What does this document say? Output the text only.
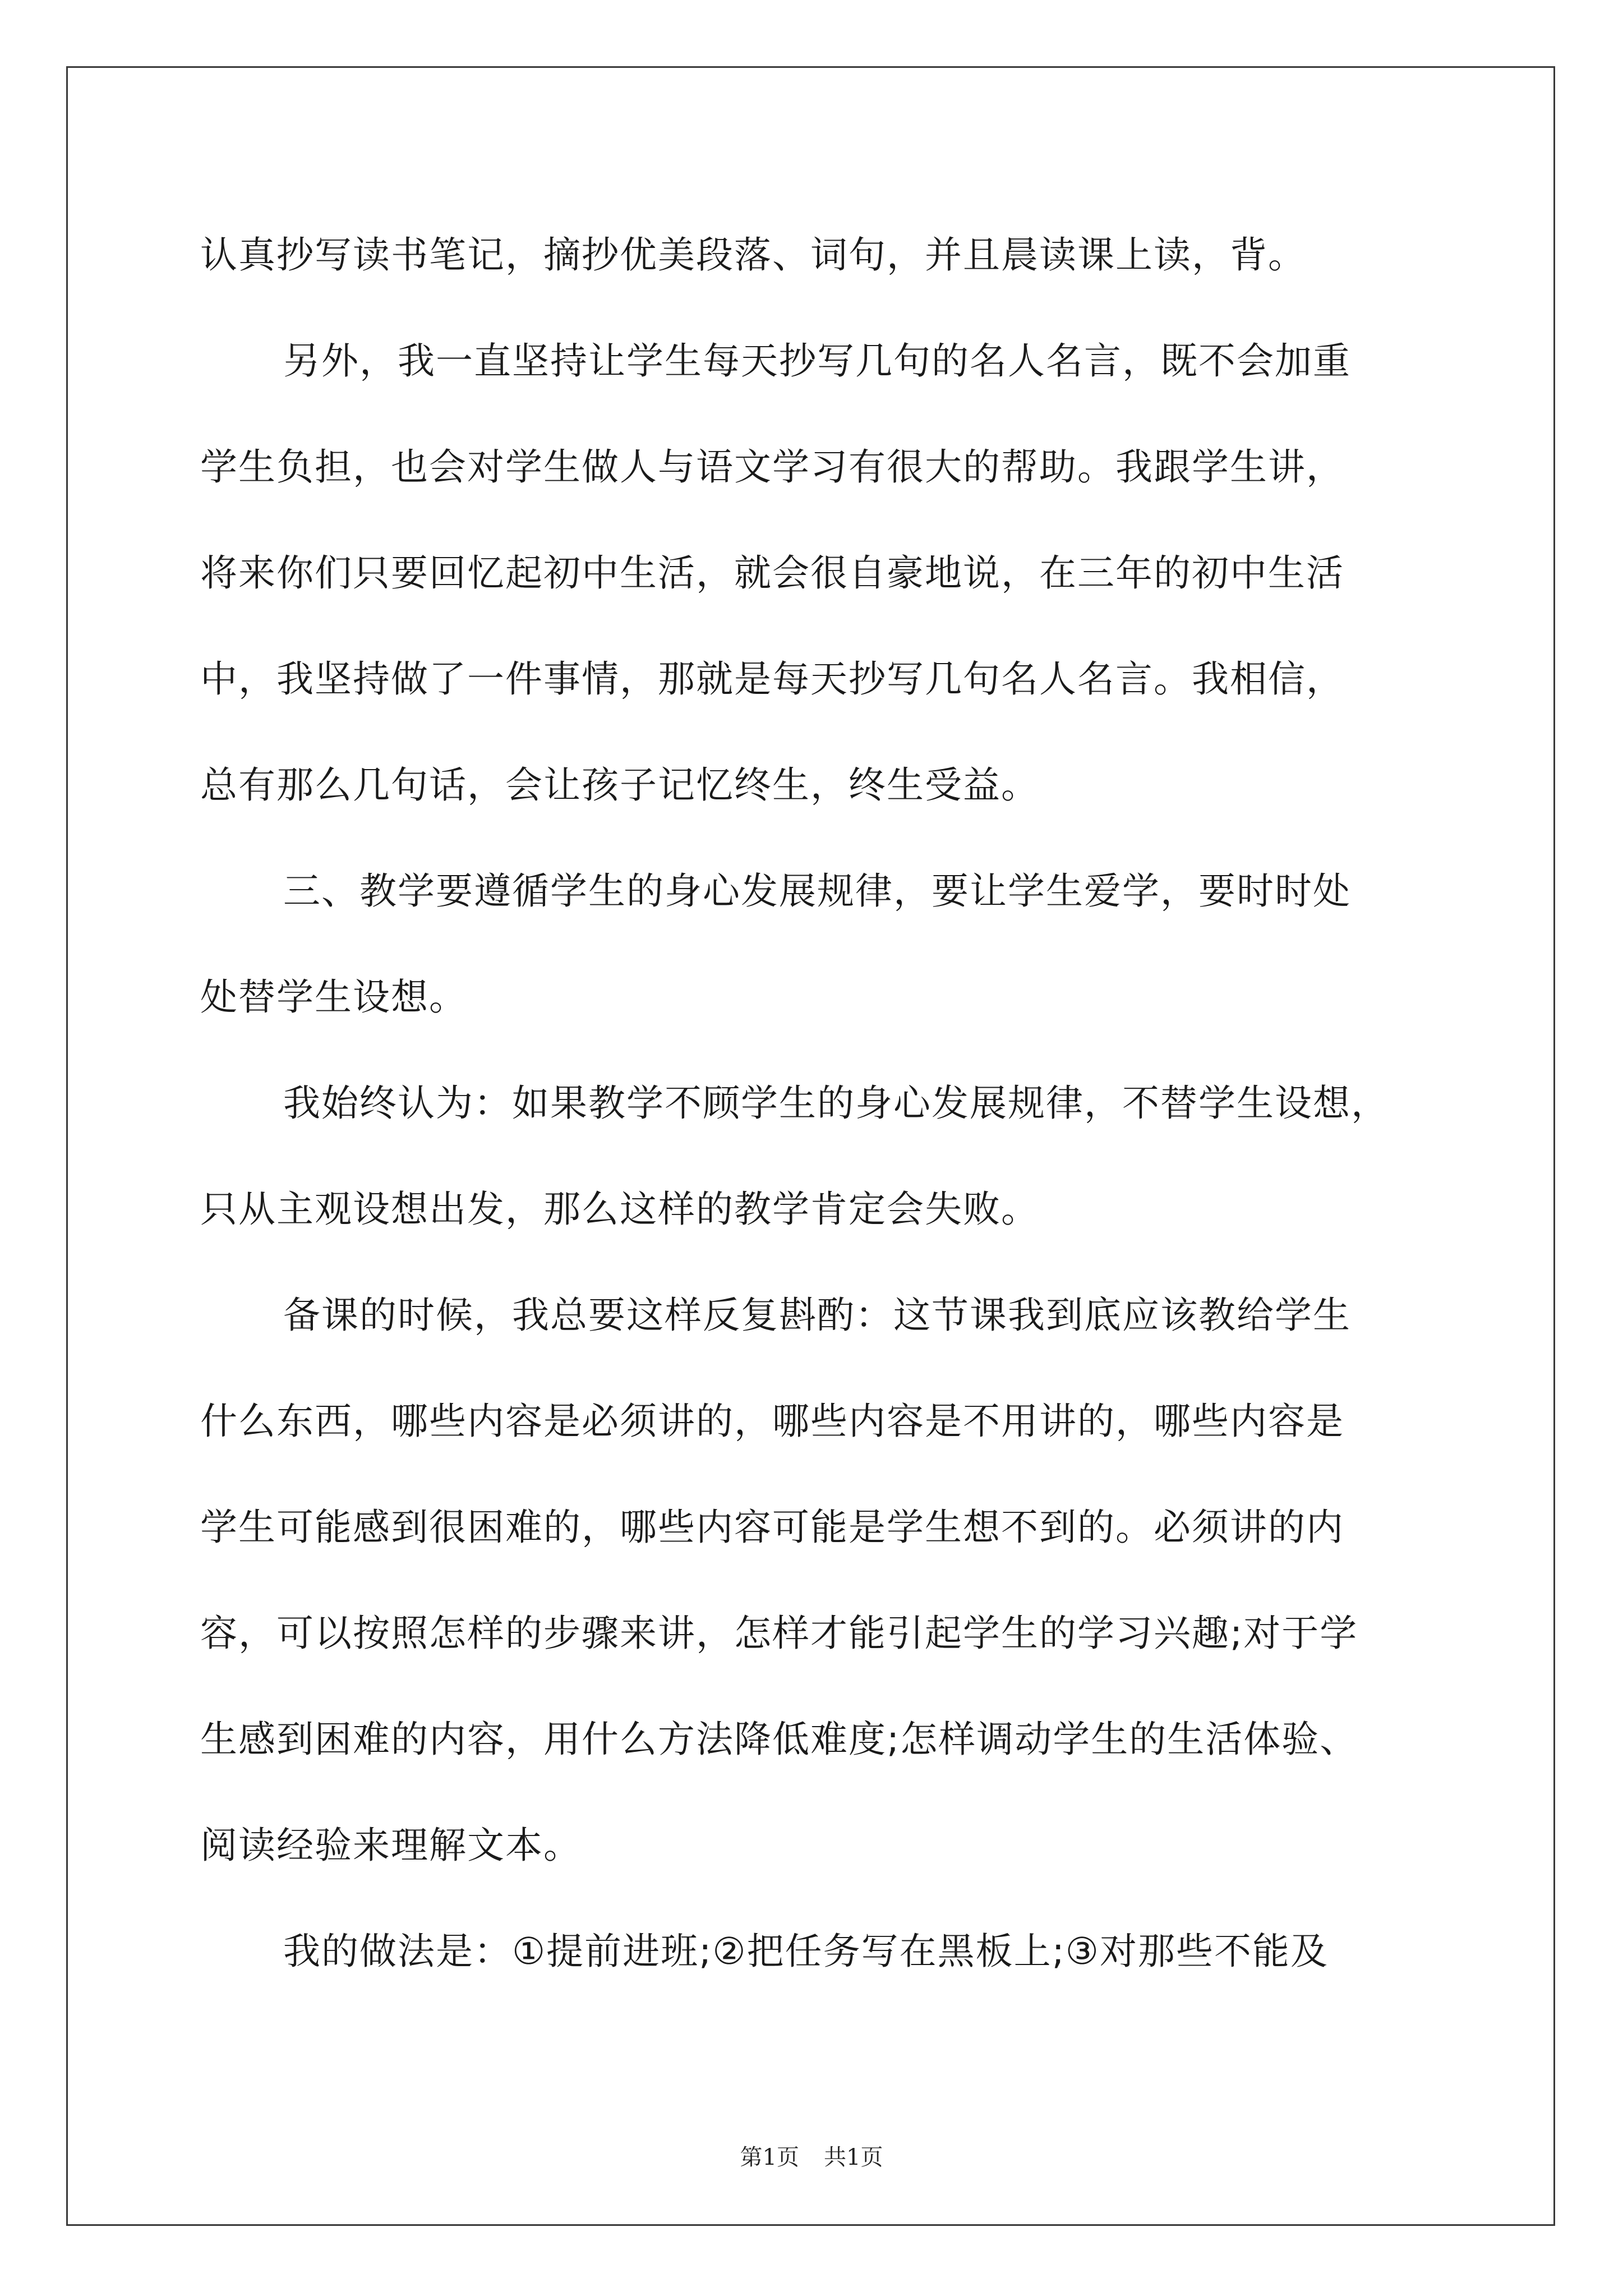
认真抄写读书笔记，摘抄优美段落、词句，并且晨读课上读，背。
另外，我一直坚持让学生每天抄写几句的名人名言，既不会加重
学生负担，也会对学生做人与语文学习有很大的帮助。我跟学生讲，
将来你们只要回忆起初中生活，就会很自豪地说，在三年的初中生活
中，我坚持做了一件事情，那就是每天抄写几句名人名言。我相信，
总有那么几句话，会让孩子记忆终生，终生受益。
三、教学要遵循学生的身心发展规律，要让学生爱学，要时时处
处替学生设想。
我始终认为：如果教学不顾学生的身心发展规律，不替学生设想，
只从主观设想出发，那么这样的教学肯定会失败。
备课的时候，我总要这样反复斟酌：这节课我到底应该教给学生
什么东西，哪些内容是必须讲的，哪些内容是不用讲的，哪些内容是
学生可能感到很困难的，哪些内容可能是学生想不到的。必须讲的内
容，可以按照怎样的步骤来讲，怎样才能引起学生的学习兴趣;对于学
生感到困难的内容，用什么方法降低难度;怎样调动学生的生活体验、
阅读经验来理解文本。
我的做法是：①提前进班;②把任务写在黑板上;③对那些不能及
第1页 共1页
